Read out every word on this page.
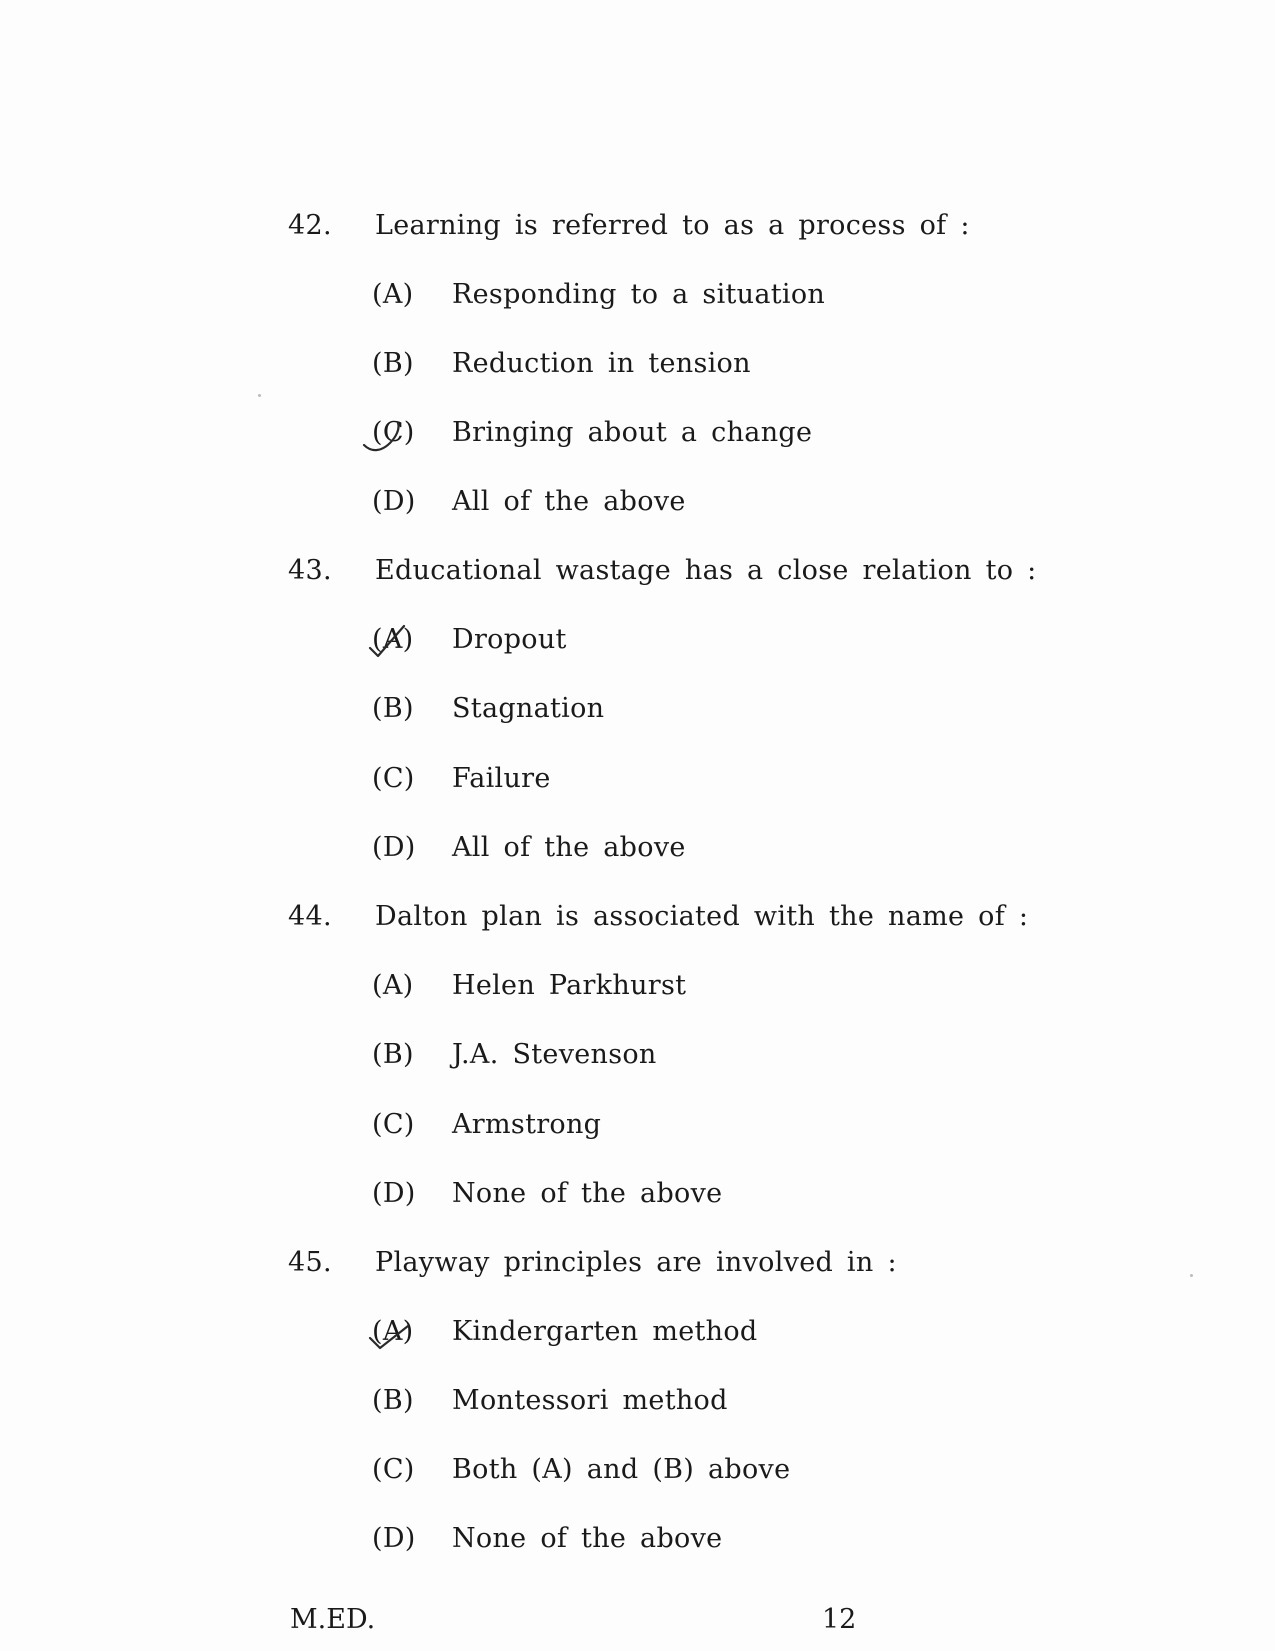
42. Learning is referred to as a process of :
(A) Responding to a situation
(B) Reduction in tension
(C) Bringing about a change
(D) All of the above
43. Educational wastage has a close relation to :
(A) Dropout
(B) Stagnation
(C) Failure
(D) All of the above
44. Dalton plan is associated with the name of :
(A) Helen Parkhurst
(B) J.A. Stevenson
(C) Armstrong
(D) None of the above
45. Playway principles are involved in :
(A) Kindergarten method
(B) Montessori method
(C) Both (A) and (B) above
(D) None of the above
M.ED.	12
